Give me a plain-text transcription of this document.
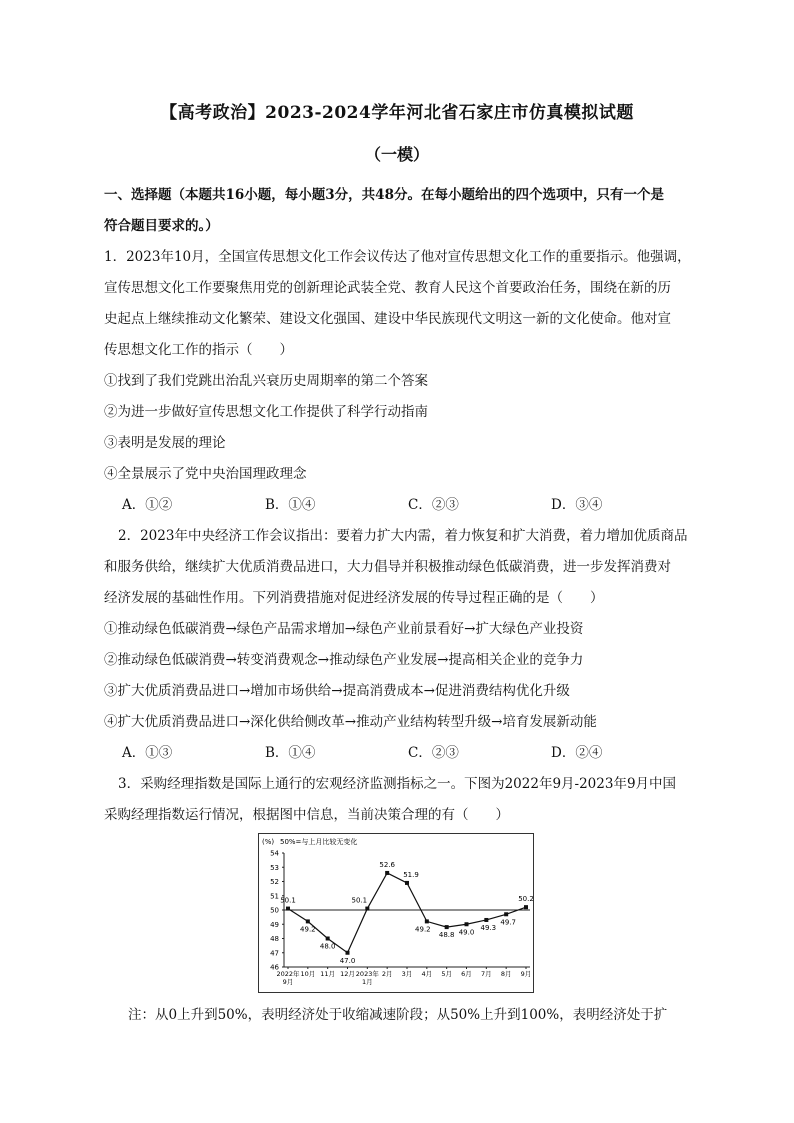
【高考政治】2023-2024学年河北省石家庄市仿真模拟试题
（一模）
一、选择题（本题共16小题，每小题3分，共48分。在每小题给出的四个选项中，只有一个是
符合题目要求的。）
1．2023年10月，全国宣传思想文化工作会议传达了他对宣传思想文化工作的重要指示。他强调，
宣传思想文化工作要聚焦用党的创新理论武装全党、教育人民这个首要政治任务，围绕在新的历
史起点上继续推动文化繁荣、建设文化强国、建设中华民族现代文明这一新的文化使命。他对宣
传思想文化工作的指示（　　）
①找到了我们党跳出治乱兴衰历史周期率的第二个答案
②为进一步做好宣传思想文化工作提供了科学行动指南
③表明是发展的理论
④全景展示了党中央治国理政理念
A．①②	B．①④	C．②③	D．③④
2．2023年中央经济工作会议指出：要着力扩大内需，着力恢复和扩大消费，着力增加优质商品
和服务供给，继续扩大优质消费品进口，大力倡导并积极推动绿色低碳消费，进一步发挥消费对
经济发展的基础性作用。下列消费措施对促进经济发展的传导过程正确的是（　　）
①推动绿色低碳消费→绿色产品需求增加→绿色产业前景看好→扩大绿色产业投资
②推动绿色低碳消费→转变消费观念→推动绿色产业发展→提高相关企业的竞争力
③扩大优质消费品进口→增加市场供给→提高消费成本→促进消费结构优化升级
④扩大优质消费品进口→深化供给侧改革→推动产业结构转型升级→培育发展新动能
A．①③	B．①④	C．②③	D．②④
3．采购经理指数是国际上通行的宏观经济监测指标之一。下图为2022年9月-2023年9月中国
采购经理指数运行情况，根据图中信息，当前决策合理的有（　　）
(%) 50%=与上月比较无变化
54
53
52
51
50
49
48
47
46
50.1
49.2
48.0
47.0
50.1
52.6
51.9
49.2
48.8 49.0
49.3
49.7
50.2
2022年
9月
10月 11月 12月 2023年
1月
2月 3月 4月 5月 6月 7月 8月 9月
注：从0上升到50%，表明经济处于收缩减速阶段；从50%上升到100%，表明经济处于扩
